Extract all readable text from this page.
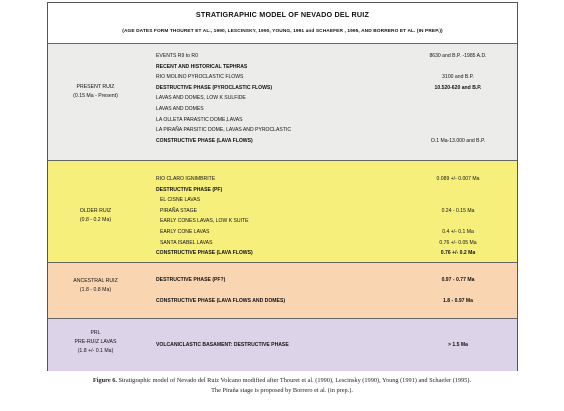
STRATIGRAPHIC MODEL OF NEVADO DEL RUIZ
(AGE DATES FORM THOURET ET AL., 1990, LESCINSKY, 1990, YOUNG, 1991 and SCHAEFER , 1995, AND BORRERO ET AL. (IN PREP.))
PRESENT RUIZ
(0.15 Ma - Present)
EVENTS R9 to R0
RECENT AND HISTORICAL TEPHRAS
RIO MOLINO PYROCLASTIC FLOWS
DESTRUCTIVE PHASE (PYROCLASTIC FLOWS)
LAVAS AND DOMES, LOW K SULFIDE
LAVAS AND DOMES
LA OLLETA PARASTIC DOME,LAVAS
LA PIRAÑA PARSITIC DOME, LAVAS AND PYROCLASTIC
CONSTRUCTIVE PHASE (LAVA FLOWS)
8630 and B.P. -1985 A.D.
3100 and B.P.
10.520-620 and B.P.
O.1 Ma-13.000 and B.P.
OLDER RUIZ
(0.8 - 0.2 Ma)
RIO CLARO IGNIMBRITE
DESTRUCTIVE PHASE (PF)
EL CISNE LAVAS
PIRAÑA STAGE
EARLY CONES LAVAS, LOW K SUITE
EARLY CONE LAVAS
SANTA ISABEL LAVAS
CONSTRUCTIVE PHASE (LAVA FLOWS)
0.089 +/- 0.007 Ma
0.24 - 0.15 Ma
0.4 +/- 0.1 Ma
0.76 +/- 0.05 Ma
0.76 +/- 0.2 Ma
ANCESTRAL RUIZ
(1.8 - 0.8 Ma)
DESTRUCTIVE PHASE (PF?)
CONSTRUCTIVE PHASE (LAVA FLOWS AND DOMES)
0.97 - 0.77 Ma
1.8 - 0.97 Ma
PRL
PRE-RUIZ LAVAS
(1.8 +/- 0.1 Ma)
VOLCANICLASTIC BASAMENT: DESTRUCTIVE PHASE	> 1.5 Ma
Figure 6. Stratigraphic model of Nevado del Ruiz Volcano modified after Thouret et al. (1990), Lescinsky (1990), Young (1991) and Schaefer (1995).
The Piraña stage is proposed by Borrero et al. (in prep.).
